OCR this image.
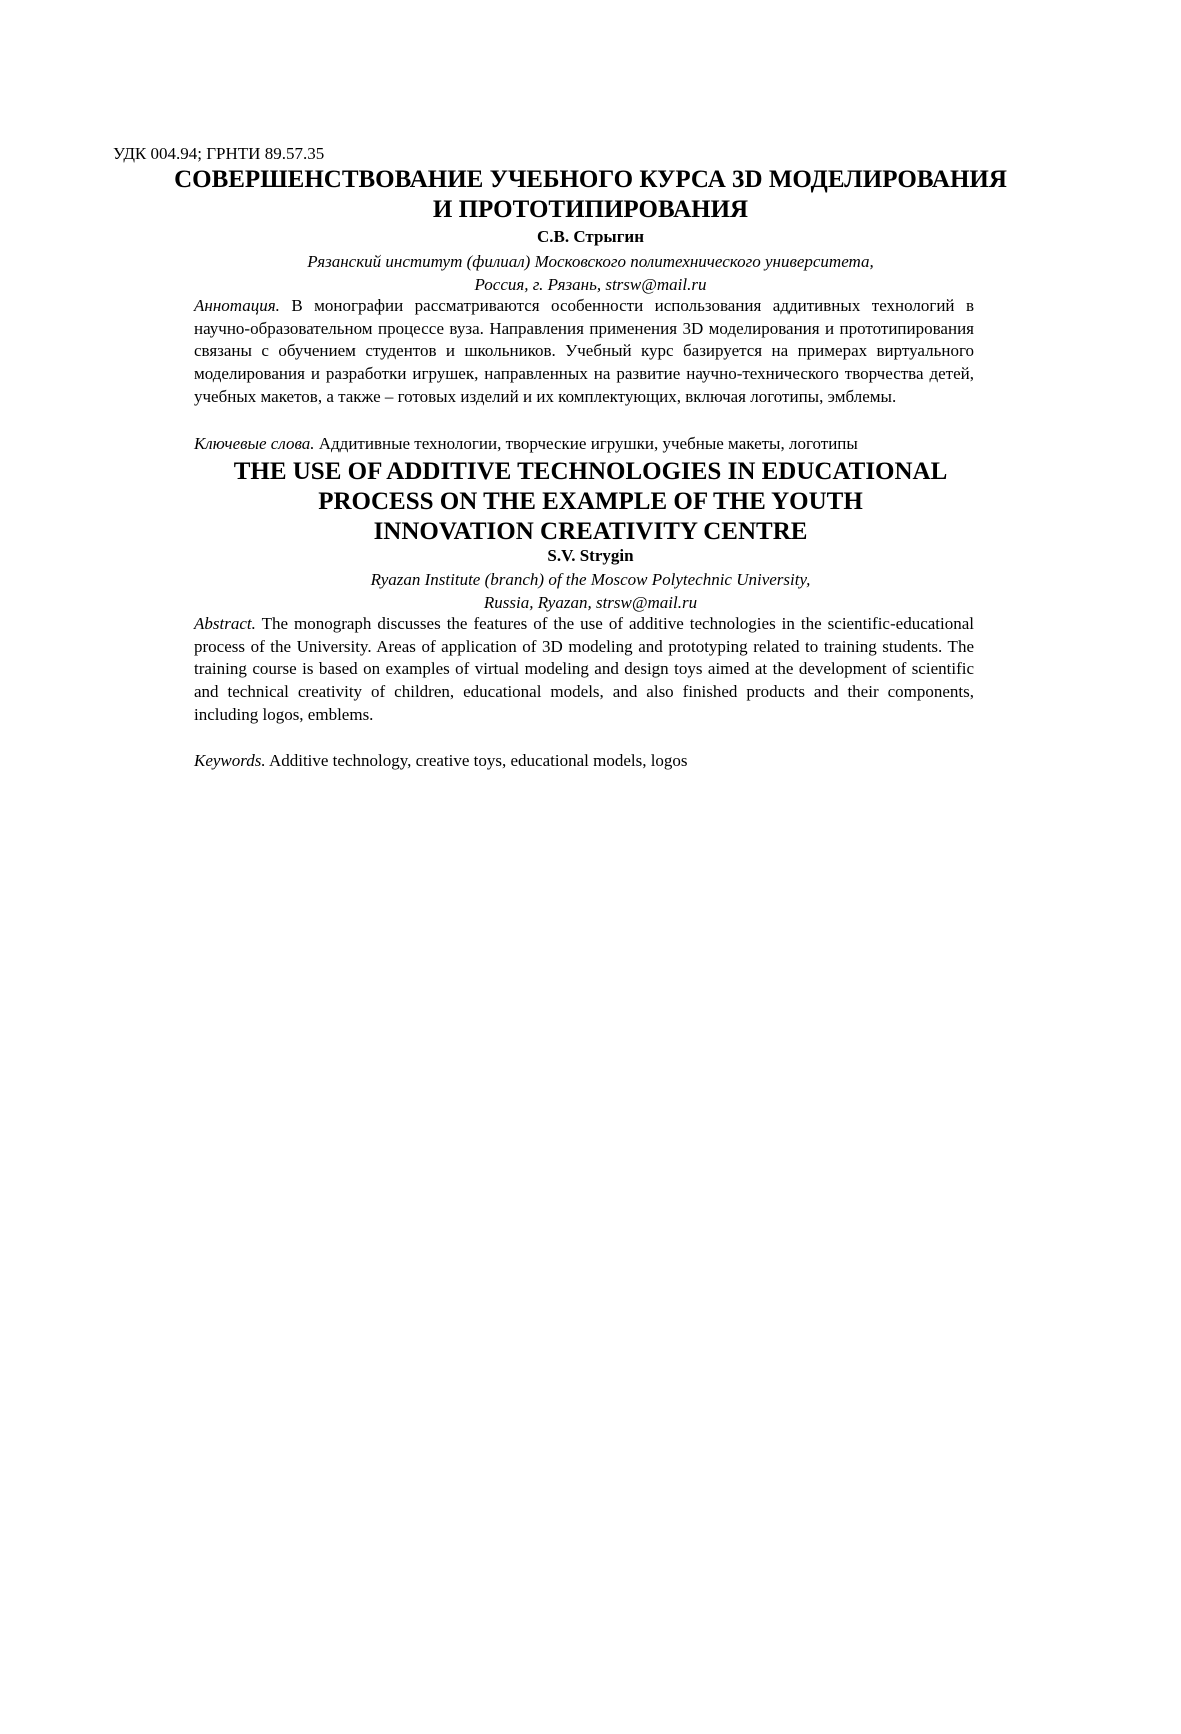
УДК 004.94; ГРНТИ 89.57.35
СОВЕРШЕНСТВОВАНИЕ УЧЕБНОГО КУРСА 3D МОДЕЛИРОВАНИЯ
И ПРОТОТИПИРОВАНИЯ
С.В. Стрыгин
Рязанский институт (филиал) Московского политехнического университета,
Россия, г. Рязань, strsw@mail.ru
Аннотация. В монографии рассматриваются особенности использования аддитивных технологий в научно-образовательном процессе вуза. Направления применения 3D моделирования и прототипирования связаны с обучением студентов и школьников. Учебный курс базируется на примерах виртуального моделирования и разработки игрушек, направленных на развитие научно-технического творчества детей, учебных макетов, а также – готовых изделий и их комплектующих, включая логотипы, эмблемы.
Ключевые слова. Аддитивные технологии, творческие игрушки, учебные макеты, логотипы
THE USE OF ADDITIVE TECHNOLOGIES IN EDUCATIONAL
PROCESS ON THE EXAMPLE OF THE YOUTH
INNOVATION CREATIVITY CENTRE
S.V. Strygin
Ryazan Institute (branch) of the Moscow Polytechnic University,
Russia, Ryazan, strsw@mail.ru
Abstract. The monograph discusses the features of the use of additive technologies in the scientific-educational process of the University. Areas of application of 3D modeling and prototyping related to training students. The training course is based on examples of virtual modeling and design toys aimed at the development of scientific and technical creativity of children, educational models, and also finished products and their components, including logos, emblems.
Keywords. Additive technology, creative toys, educational models, logos
